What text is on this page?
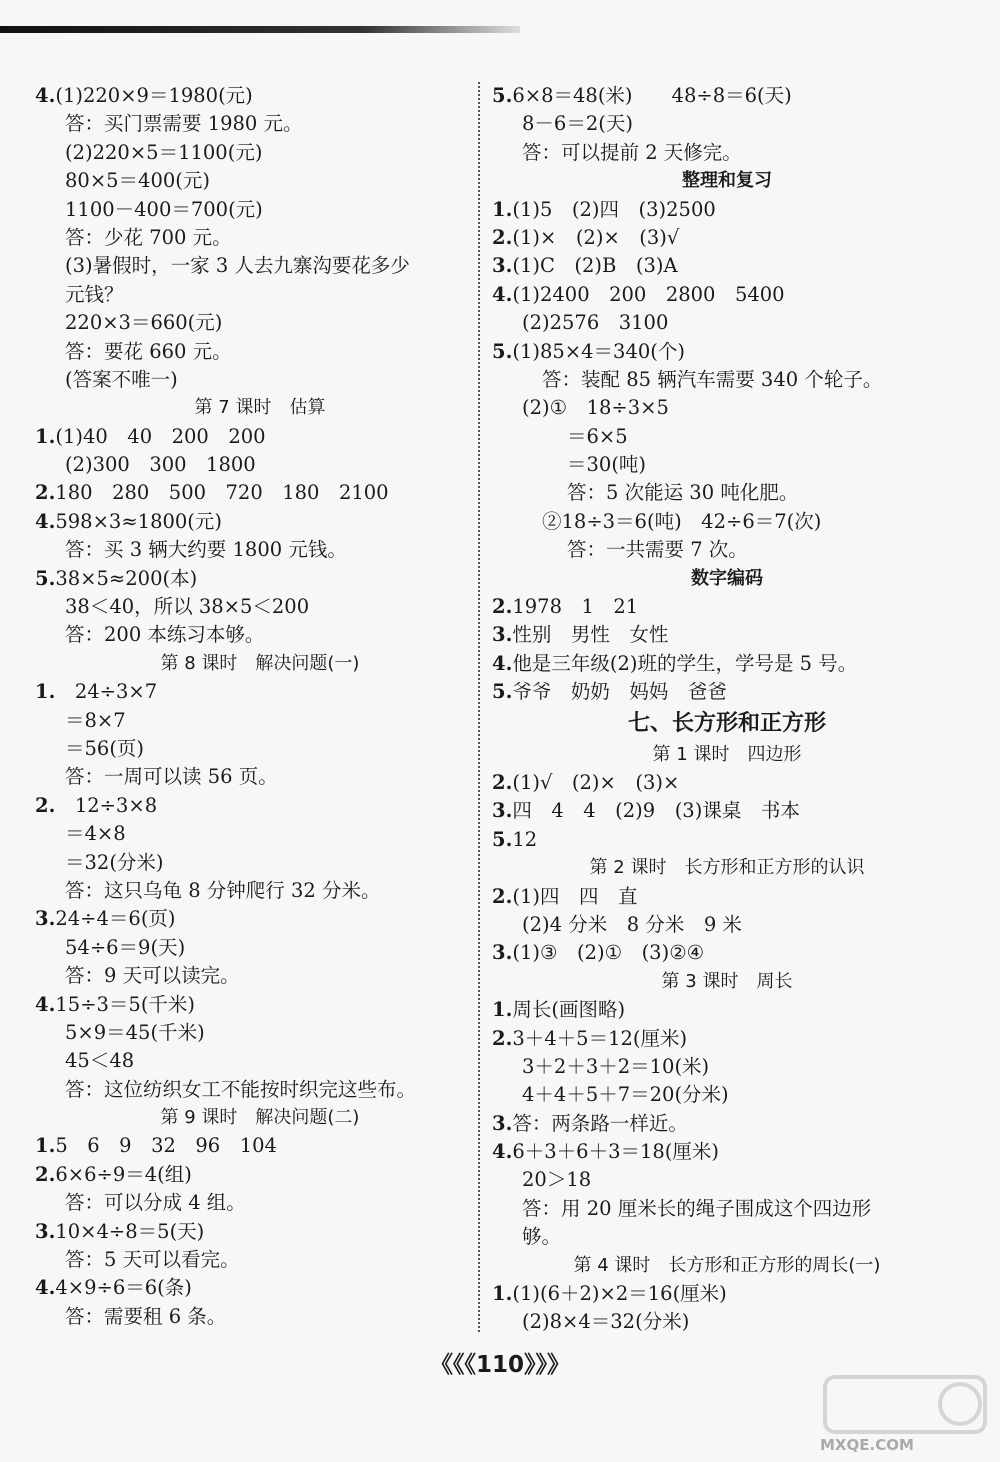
4.(1)220×9＝1980(元)
答：买门票需要 1980 元。
(2)220×5＝1100(元)
80×5＝400(元)
1100－400＝700(元)
答：少花 700 元。
(3)暑假时，一家 3 人去九寨沟要花多少
元钱？
220×3＝660(元)
答：要花 660 元。
(答案不唯一)
第 7 课时　估算
1.(1)40　40　200　200
(2)300　300　1800
2.180　280　500　720　180　2100
4.598×3≈1800(元)
答：买 3 辆大约要 1800 元钱。
5.38×5≈200(本)
38＜40，所以 38×5＜200
答：200 本练习本够。
第 8 课时　解决问题(一)
1.　24÷3×7
＝8×7
＝56(页)
答：一周可以读 56 页。
2.　12÷3×8
＝4×8
＝32(分米)
答：这只乌龟 8 分钟爬行 32 分米。
3.24÷4＝6(页)
54÷6＝9(天)
答：9 天可以读完。
4.15÷3＝5(千米)
5×9＝45(千米)
45＜48
答：这位纺织女工不能按时织完这些布。
第 9 课时　解决问题(二)
1.5　6　9　32　96　104
2.6×6÷9＝4(组)
答：可以分成 4 组。
3.10×4÷8＝5(天)
答：5 天可以看完。
4.4×9÷6＝6(条)
答：需要租 6 条。
5.6×8＝48(米)　　48÷8＝6(天)
8－6＝2(天)
答：可以提前 2 天修完。
整理和复习
1.(1)5　(2)四　(3)2500
2.(1)×　(2)×　(3)√
3.(1)C　(2)B　(3)A
4.(1)2400　200　2800　5400
(2)2576　3100
5.(1)85×4＝340(个)
答：装配 85 辆汽车需要 340 个轮子。
(2)①　18÷3×5
＝6×5
＝30(吨)
答：5 次能运 30 吨化肥。
②18÷3＝6(吨)　42÷6＝7(次)
答：一共需要 7 次。
数字编码
2.1978　1　21
3.性别　男性　女性
4.他是三年级(2)班的学生，学号是 5 号。
5.爷爷　奶奶　妈妈　爸爸
七、长方形和正方形
第 1 课时　四边形
2.(1)√　(2)×　(3)×
3.四　4　4　(2)9　(3)课桌　书本
5.12
第 2 课时　长方形和正方形的认识
2.(1)四　四　直
(2)4 分米　8 分米　9 米
3.(1)③　(2)①　(3)②④
第 3 课时　周长
1.周长(画图略)
2.3＋4＋5＝12(厘米)
3＋2＋3＋2＝10(米)
4＋4＋5＋7＝20(分米)
3.答：两条路一样近。
4.6＋3＋6＋3＝18(厘米)
20＞18
答：用 20 厘米长的绳子围成这个四边形
够。
第 4 课时　长方形和正方形的周长(一)
1.(1)(6＋2)×2＝16(厘米)
(2)8×4＝32(分米)
《《《110》》》
MXQE.COM
